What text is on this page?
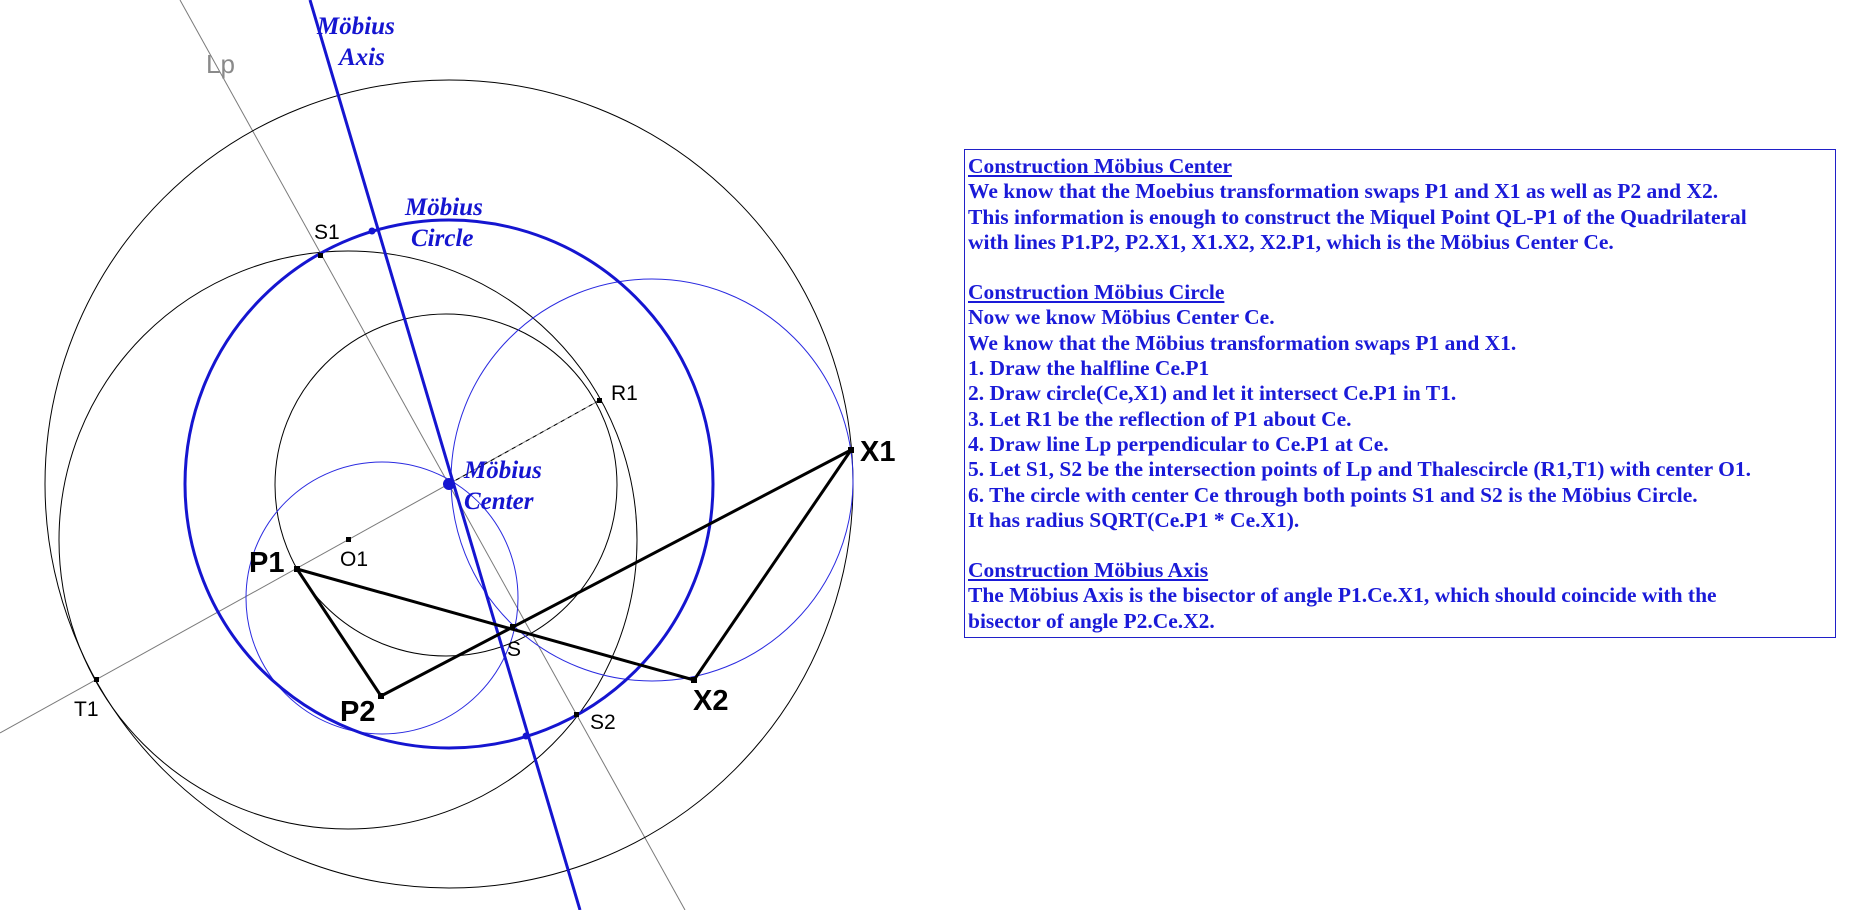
P1
P2
X1
X2
S1
S2
R1
T1
O1
S
Lp
Möbius
Axis
Möbius
Circle
Möbius
Center
Construction Möbius Center
We know that the Moebius transformation swaps P1 and X1 as well as P2 and X2.
This information is enough to construct the Miquel Point QL-P1 of the Quadrilateral
with lines P1.P2, P2.X1, X1.X2, X2.P1, which is the Möbius Center Ce.
Construction Möbius Circle
Now we know Möbius Center Ce.
We know that the Möbius transformation swaps P1 and X1.
1. Draw the halfline Ce.P1
2. Draw circle(Ce,X1) and let it intersect Ce.P1 in T1.
3. Let R1 be the reflection of P1 about Ce.
4. Draw line Lp perpendicular to Ce.P1 at Ce.
5. Let S1, S2 be the intersection points of Lp and Thalescircle (R1,T1) with center O1.
6. The circle with center Ce through both points S1 and S2 is the Möbius Circle.
It has radius SQRT(Ce.P1 * Ce.X1).
Construction Möbius Axis
The Möbius Axis is the bisector of angle P1.Ce.X1, which should coincide with the
bisector of angle P2.Ce.X2.
